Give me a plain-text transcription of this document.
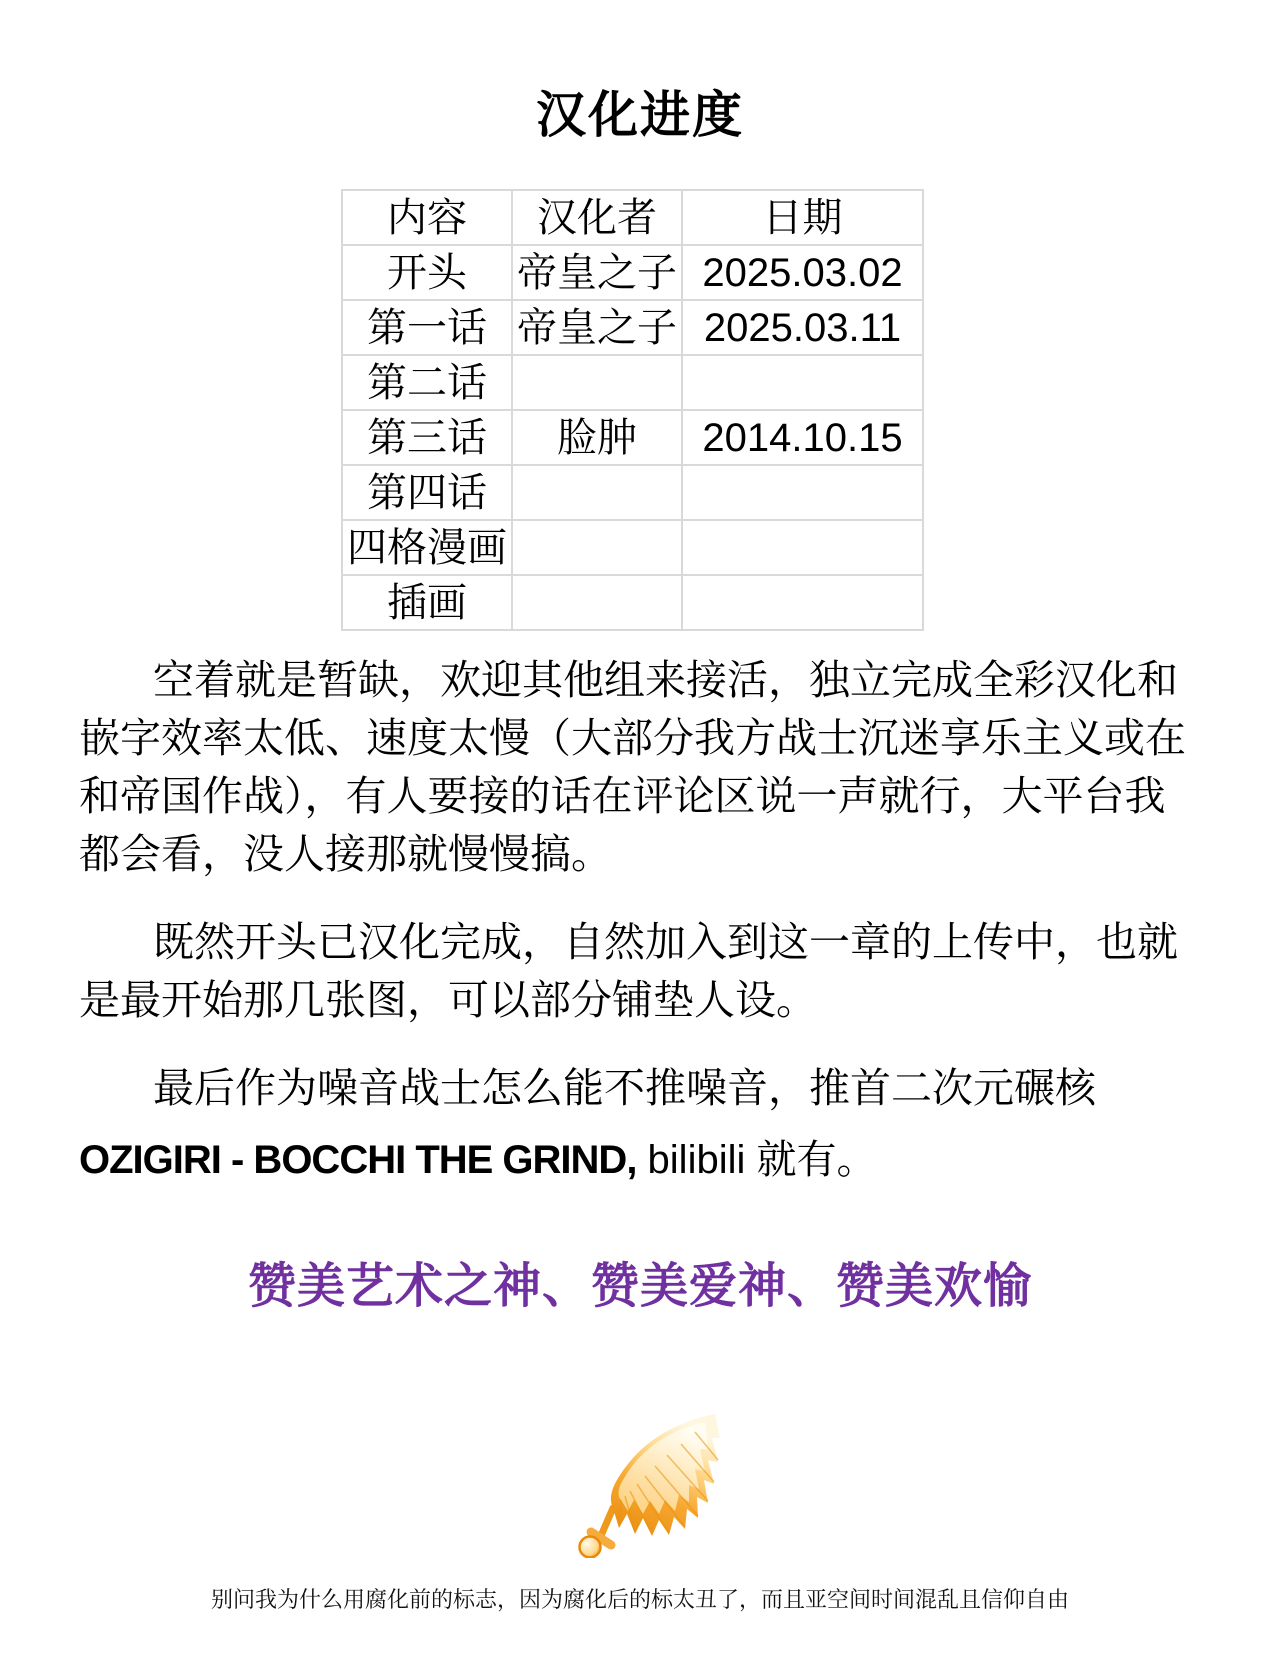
汉化进度
内容	汉化者	日期
开头	帝皇之子	2025.03.02
第一话	帝皇之子	2025.03.11
第二话		
第三话	脸肿	2014.10.15
第四话		
四格漫画		
插画		

空着就是暂缺，欢迎其他组来接活，独立完成全彩汉化和嵌字效率太低、速度太慢（大部分我方战士沉迷享乐主义或在和帝国作战），有人要接的话在评论区说一声就行，大平台我都会看，没人接那就慢慢搞。

既然开头已汉化完成，自然加入到这一章的上传中，也就是最开始那几张图，可以部分铺垫人设。

最后作为噪音战士怎么能不推噪音，推首二次元碾核

OZIGIRI - BOCCHI THE GRIND, bilibili 就有。

赞美艺术之神、赞美爱神、赞美欢愉
别问我为什么用腐化前的标志，因为腐化后的标太丑了，而且亚空间时间混乱且信仰自由
